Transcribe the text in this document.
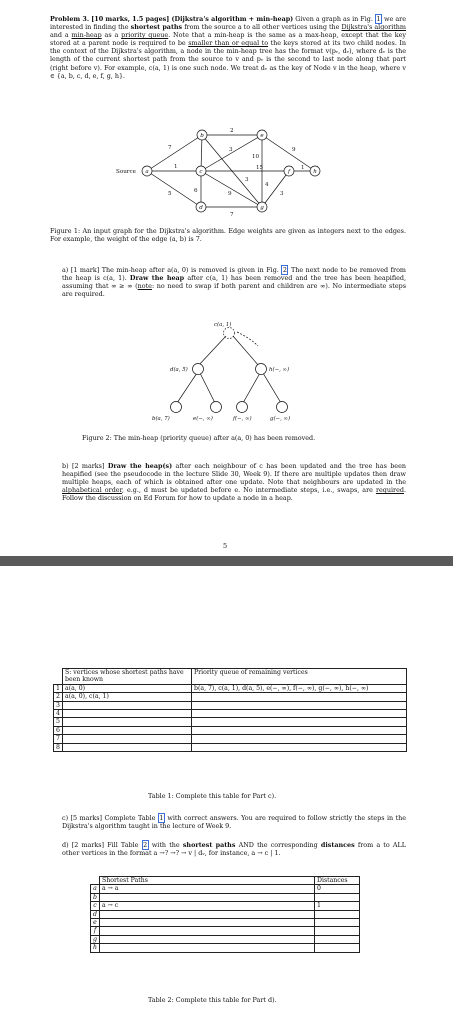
Problem 3. [10 marks, 1.5 pages] (Dijkstra's algorithm + min-heap) Given a graph as in Fig. 1 we are interested in finding the shortest paths from the source a to all other vertices using the Dijkstra's algorithm and a min-heap as a priority queue. Note that a min-heap is the same as a max-heap, except that the key stored at a parent node is required to be smaller than or equal to the keys stored at its two child nodes. In the context of the Dijkstra's algorithm, a node in the min-heap tree has the format v(pᵥ, dᵥ), where dᵥ is the length of the current shortest path from the source to v and pᵥ is the second to last node along that part (right before v). For example, c(a, 1) is one such node. We treat dᵥ as the key of Node v in the heap, where v ∈ {a, b, c, d, e, f, g, h}.
7
1
5
2
3
10
15
3
6
7
9
1
3
4
9
a
b
c
d
e
f
g
h
Source
Figure 1: An input graph for the Dijkstra's algorithm. Edge weights are given as integers next to the edges. For example, the weight of the edge (a, b) is 7.
a) [1 mark] The min-heap after a(a, 0) is removed is given in Fig. 2 The next node to be removed from the heap is c(a, 1). Draw the heap after c(a, 1) has been removed and the tree has been heapified, assuming that ∞ ≥ ∞ (note: no need to swap if both parent and children are ∞). No intermediate steps are required.
c(a, 1)
d(a, 5)	h(−, ∞)
b(a, 7)	e(−, ∞)	f(−, ∞)	g(−, ∞)
Figure 2: The min-heap (priority queue) after a(a, 0) has been removed.
b) [2 marks] Draw the heap(s) after each neighbour of c has been updated and the tree has been heapified (see the pseudocode in the lecture Slide 30, Week 9). If there are multiple updates then draw multiple heaps, each of which is obtained after one update. Note that neighbours are updated in the alphabetical order, e.g., d must be updated before e. No intermediate steps, i.e., swaps, are required. Follow the discussion on Ed Forum for how to update a node in a heap.
5
	S: vertices whose shortest paths have been known	Priority queue of remaining vertices
1	a(a, 0)	b(a, 7), c(a, 1), d(a, 5), e(−, ∞), f(−, ∞), g(−, ∞), h(−, ∞)
2	a(a, 0), c(a, 1)	
3		
4		
5		
6		
7		
8		
Table 1: Complete this table for Part c).
c) [5 marks] Complete Table 1 with correct answers. You are required to follow strictly the steps in the Dijkstra's algorithm taught in the lecture of Week 9.
d) [2 marks] Fill Table 2 with the shortest paths AND the corresponding distances from a to ALL other vertices in the format a →? →? → v | dᵥ, for instance, a → c | 1.
	Shortest Paths	Distances
a	a → a	0
b		
c	a → c	1
d		
e		
f		
g		
h		
Table 2: Complete this table for Part d).
